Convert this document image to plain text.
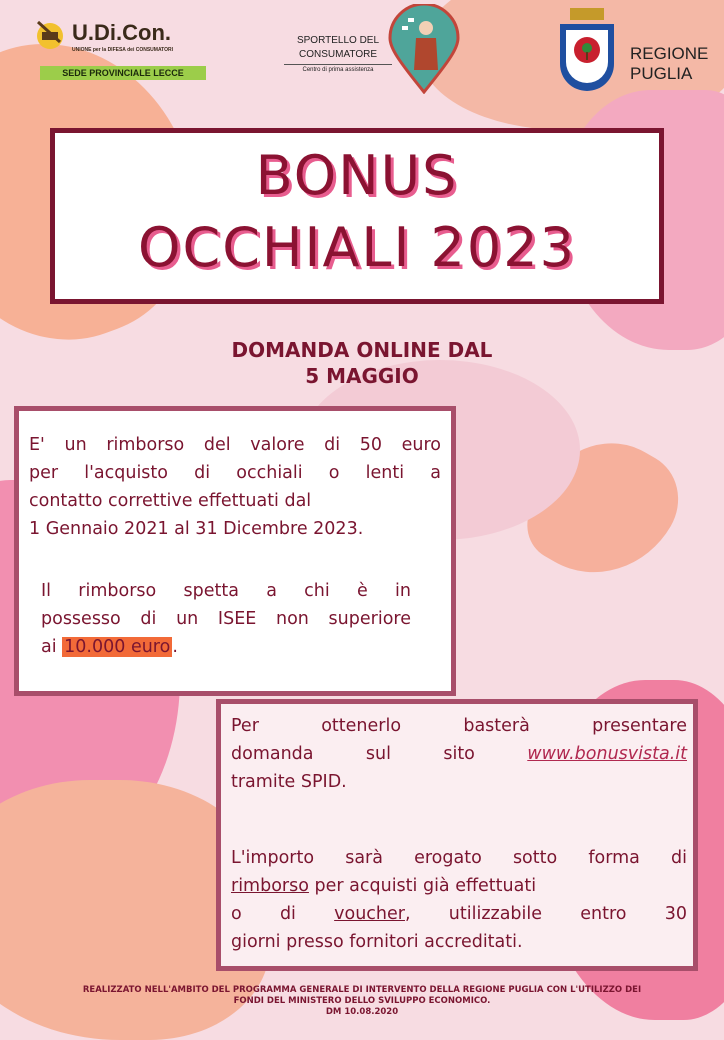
U.Di.Con.
UNIONE per la DIFESA dei CONSUMATORI
SEDE PROVINCIALE LECCE
SPORTELLO DEL
CONSUMATORE
Centro di prima assistenza
REGIONE
PUGLIA
BONUS
OCCHIALI 2023
DOMANDA ONLINE DAL
5 MAGGIO
E' un rimborso del valore di 50 euro
per l'acquisto di occhiali o lenti a
contatto correttive effettuati dal
1 Gennaio 2021 al 31 Dicembre 2023.
Il rimborso spetta a chi è in
possesso di un ISEE non superiore
ai 10.000 euro .
Per ottenerlo basterà presentare
domanda sul sito www.bonusvista.it
tramite SPID.
L'importo sarà erogato sotto forma di
rimborso per acquisti già effettuati
o di voucher, utilizzabile entro 30
giorni presso fornitori accreditati.
REALIZZATO NELL'AMBITO DEL PROGRAMMA GENERALE DI INTERVENTO DELLA REGIONE PUGLIA CON L'UTILIZZO DEI
FONDI DEL MINISTERO DELLO SVILUPPO ECONOMICO.
DM 10.08.2020
